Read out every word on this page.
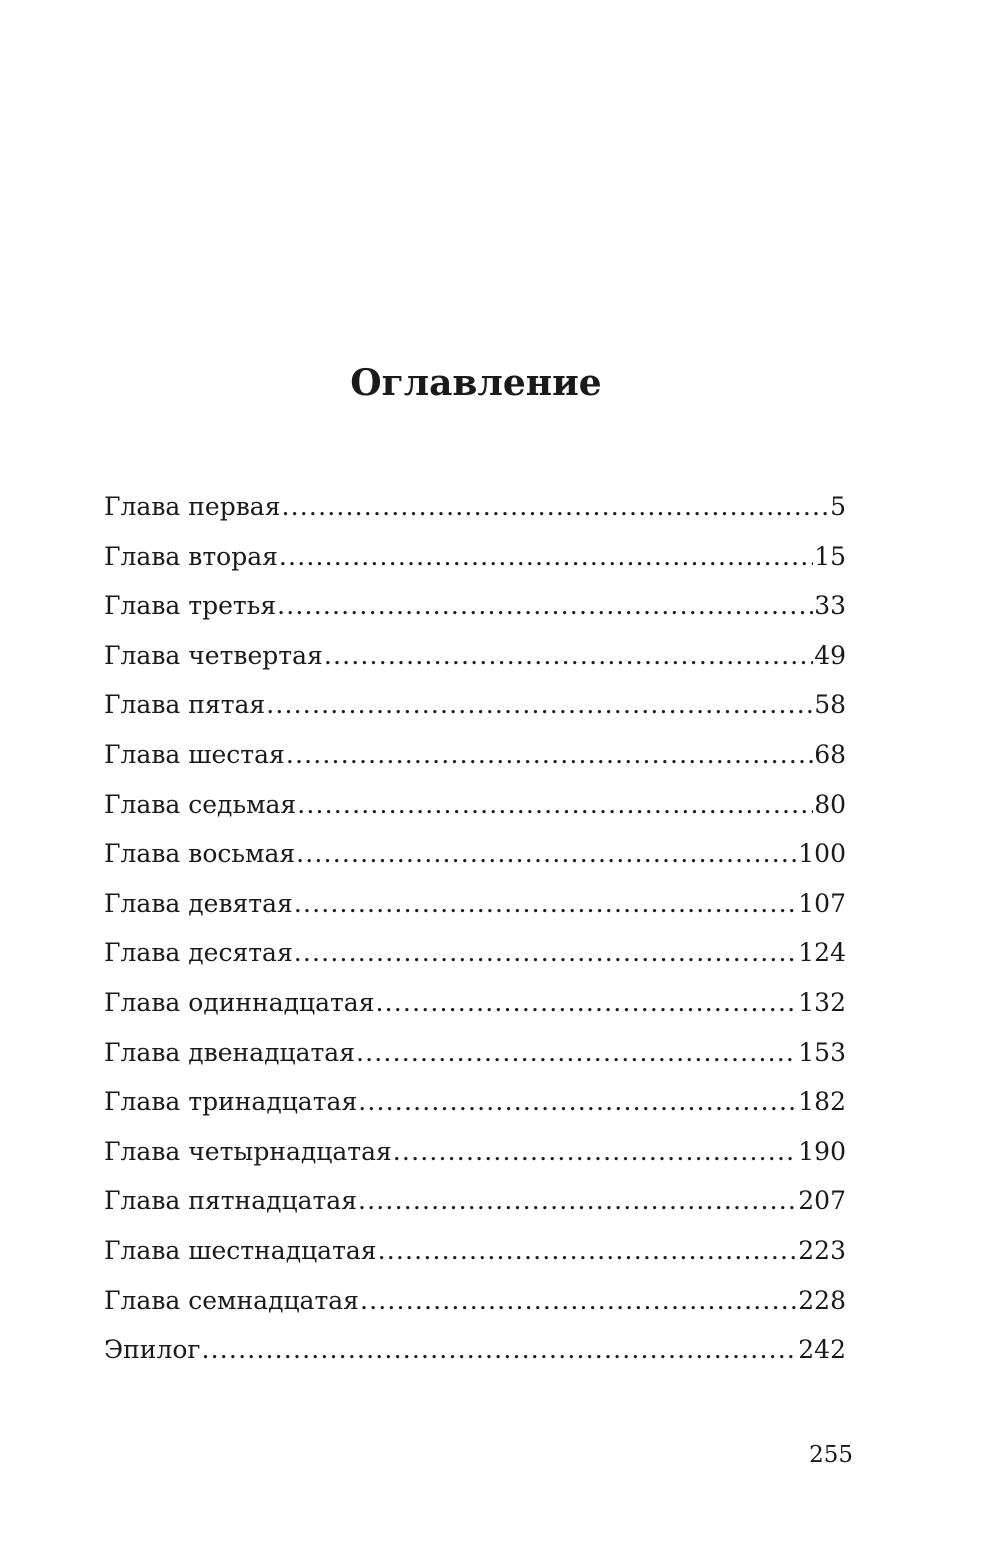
Оглавление
Глава первая .....	5
Глава вторая .....	15
Глава третья .....	33
Глава четвертая .....	49
Глава пятая .....	58
Глава шестая .....	68
Глава седьмая .....	80
Глава восьмая .....	100
Глава девятая .....	107
Глава десятая .....	124
Глава одиннадцатая .....	132
Глава двенадцатая .....	153
Глава тринадцатая .....	182
Глава четырнадцатая .....	190
Глава пятнадцатая .....	207
Глава шестнадцатая .....	223
Глава семнадцатая .....	228
Эпилог .....	242
255
